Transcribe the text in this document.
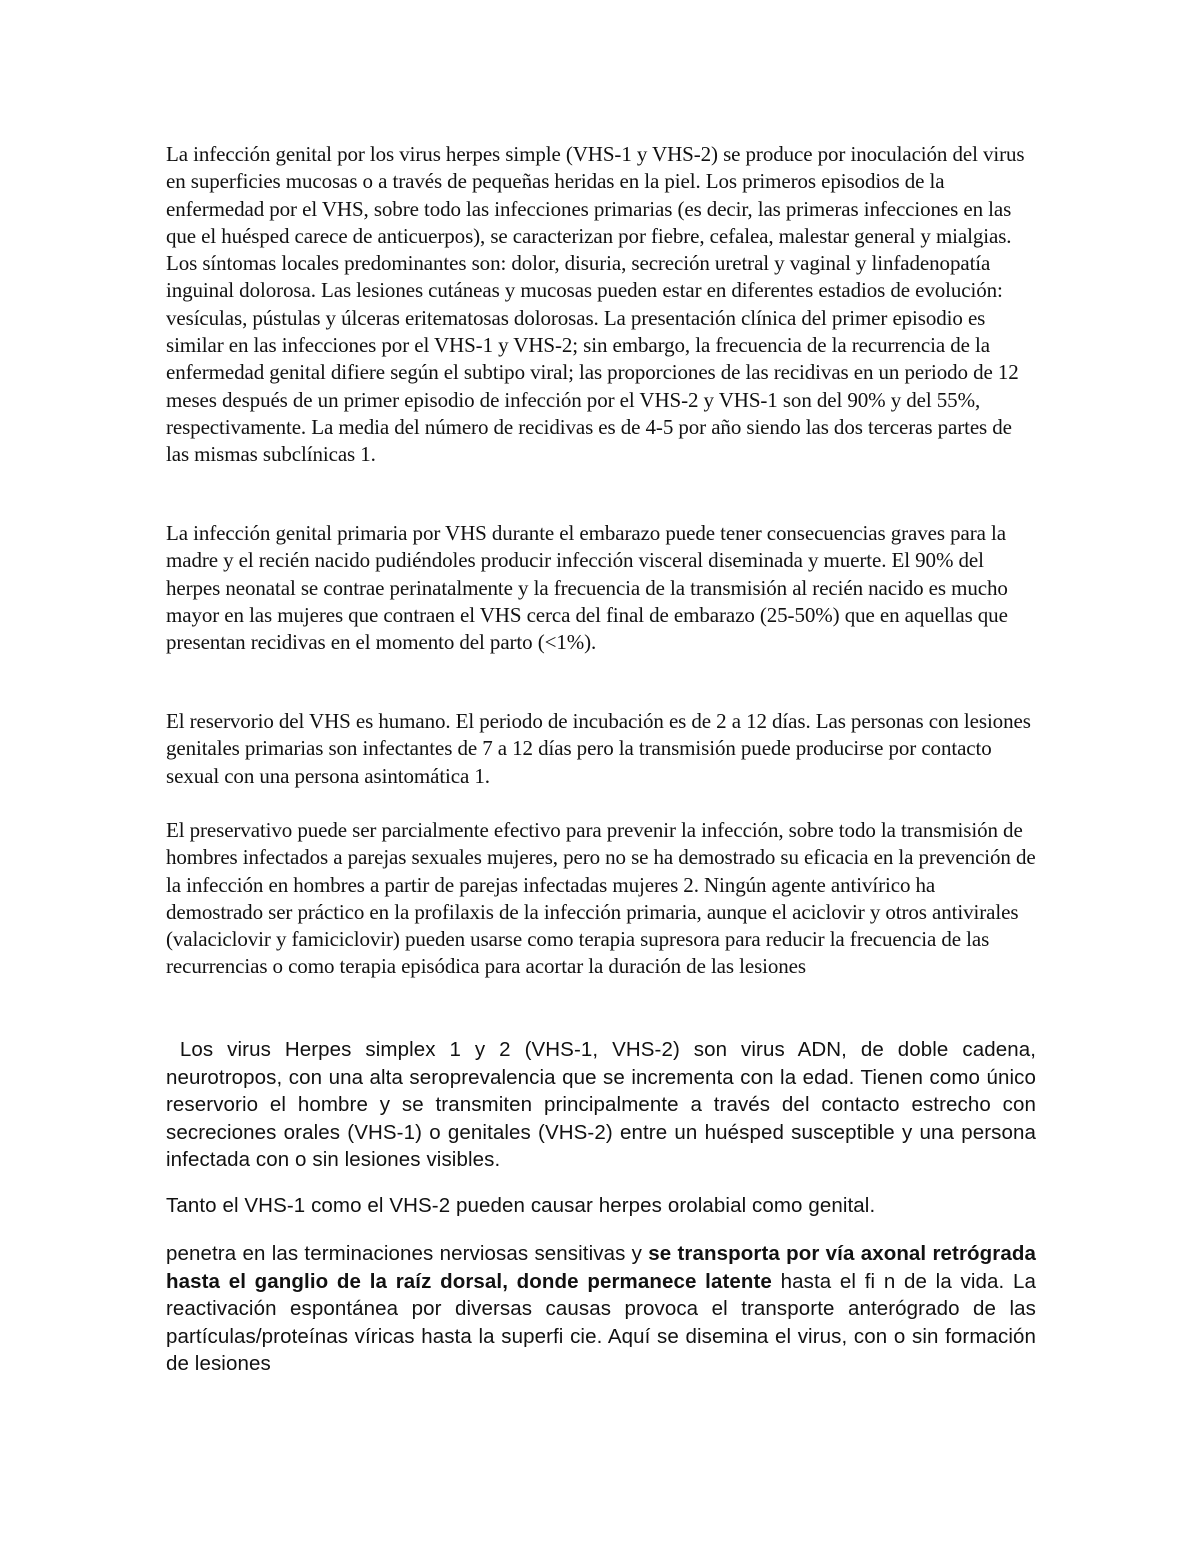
La infección genital por los virus herpes simple (VHS-1 y VHS-2) se produce por inoculación del virus en superficies mucosas o a través de pequeñas heridas en la piel. Los primeros episodios de la enfermedad por el VHS, sobre todo las infecciones primarias (es decir, las primeras infecciones en las que el huésped carece de anticuerpos), se caracterizan por fiebre, cefalea, malestar general y mialgias. Los síntomas locales predominantes son: dolor, disuria, secreción uretral y vaginal y linfadenopatía inguinal dolorosa. Las lesiones cutáneas y mucosas pueden estar en diferentes estadios de evolución: vesículas, pústulas y úlceras eritematosas dolorosas. La presentación clínica del primer episodio es similar en las infecciones por el VHS-1 y VHS-2; sin embargo, la frecuencia de la recurrencia de la enfermedad genital difiere según el subtipo viral; las proporciones de las recidivas en un periodo de 12 meses después de un primer episodio de infección por el VHS-2 y VHS-1 son del 90% y del 55%, respectivamente. La media del número de recidivas es de 4-5 por año siendo las dos terceras partes de las mismas subclínicas 1.

La infección genital primaria por VHS durante el embarazo puede tener consecuencias graves para la madre y el recién nacido pudiéndoles producir infección visceral diseminada y muerte. El 90% del herpes neonatal se contrae perinatalmente y la frecuencia de la transmisión al recién nacido es mucho mayor en las mujeres que contraen el VHS cerca del final de embarazo (25-50%) que en aquellas que presentan recidivas en el momento del parto (<1%).

El reservorio del VHS es humano. El periodo de incubación es de 2 a 12 días. Las personas con lesiones genitales primarias son infectantes de 7 a 12 días pero la transmisión puede producirse por contacto sexual con una persona asintomática 1.

El preservativo puede ser parcialmente efectivo para prevenir la infección, sobre todo la transmisión de hombres infectados a parejas sexuales mujeres, pero no se ha demostrado su eficacia en la prevención de la infección en hombres a partir de parejas infectadas mujeres 2. Ningún agente antivírico ha demostrado ser práctico en la profilaxis de la infección primaria, aunque el aciclovir y otros antivirales (valaciclovir y famiciclovir) pueden usarse como terapia supresora para reducir la frecuencia de las recurrencias o como terapia episódica para acortar la duración de las lesiones

Los virus Herpes simplex 1 y 2 (VHS-1, VHS-2) son virus ADN, de doble cadena, neurotropos, con una alta seroprevalencia que se incrementa con la edad. Tienen como único reservorio el hombre y se transmiten principalmente a través del contacto estrecho con secreciones orales (VHS-1) o genitales (VHS-2) entre un huésped susceptible y una persona infectada con o sin lesiones visibles.

Tanto el VHS-1 como el VHS-2 pueden causar herpes orolabial como genital.

penetra en las terminaciones nerviosas sensitivas y se transporta por vía axonal retrógrada hasta el ganglio de la raíz dorsal, donde permanece latente hasta el fi n de la vida. La reactivación espontánea por diversas causas provoca el transporte anterógrado de las partículas/proteínas víricas hasta la superfi cie. Aquí se disemina el virus, con o sin formación de lesiones
